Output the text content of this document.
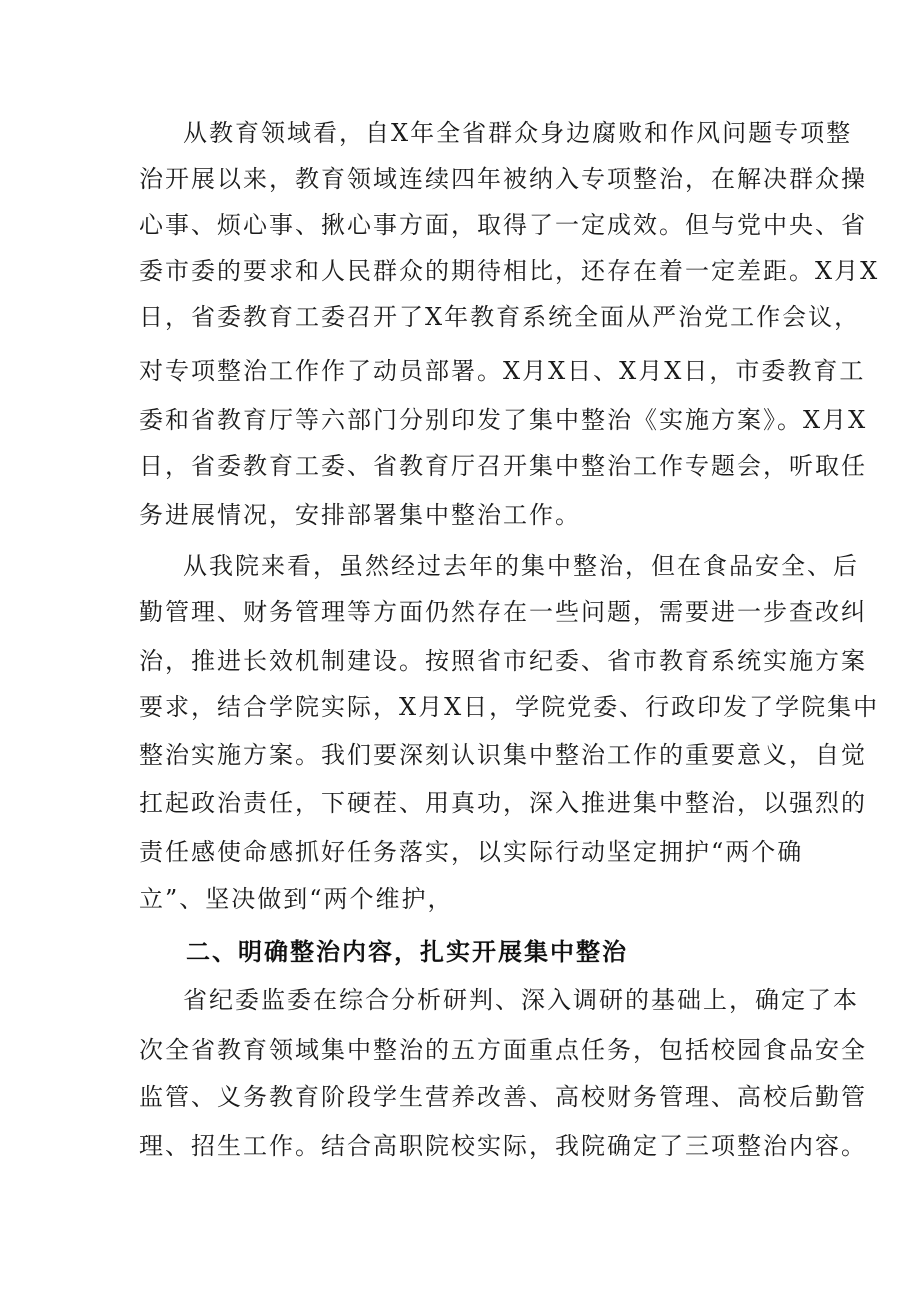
从教育领域看，自X年全省群众身边腐败和作风问题专项整
治开展以来，教育领域连续四年被纳入专项整治，在解决群众操
心事、烦心事、揪心事方面，取得了一定成效。但与党中央、省
委市委的要求和人民群众的期待相比，还存在着一定差距。X月X
日，省委教育工委召开了X年教育系统全面从严治党工作会议，
对专项整治工作作了动员部署。X月X日、X月X日，市委教育工
委和省教育厅等六部门分别印发了集中整治《实施方案》。X月X
日，省委教育工委、省教育厅召开集中整治工作专题会，听取任
务进展情况，安排部署集中整治工作。
从我院来看，虽然经过去年的集中整治，但在食品安全、后
勤管理、财务管理等方面仍然存在一些问题，需要进一步查改纠
治，推进长效机制建设。按照省市纪委、省市教育系统实施方案
要求，结合学院实际，X月X日，学院党委、行政印发了学院集中
整治实施方案。我们要深刻认识集中整治工作的重要意义，自觉
扛起政治责任，下硬茬、用真功，深入推进集中整治，以强烈的
责任感使命感抓好任务落实，以实际行动坚定拥护“两个确
立”、坚决做到“两个维护，
二、明确整治内容，扎实开展集中整治
省纪委监委在综合分析研判、深入调研的基础上，确定了本
次全省教育领域集中整治的五方面重点任务，包括校园食品安全
监管、义务教育阶段学生营养改善、高校财务管理、高校后勤管
理、招生工作。结合高职院校实际，我院确定了三项整治内容。
